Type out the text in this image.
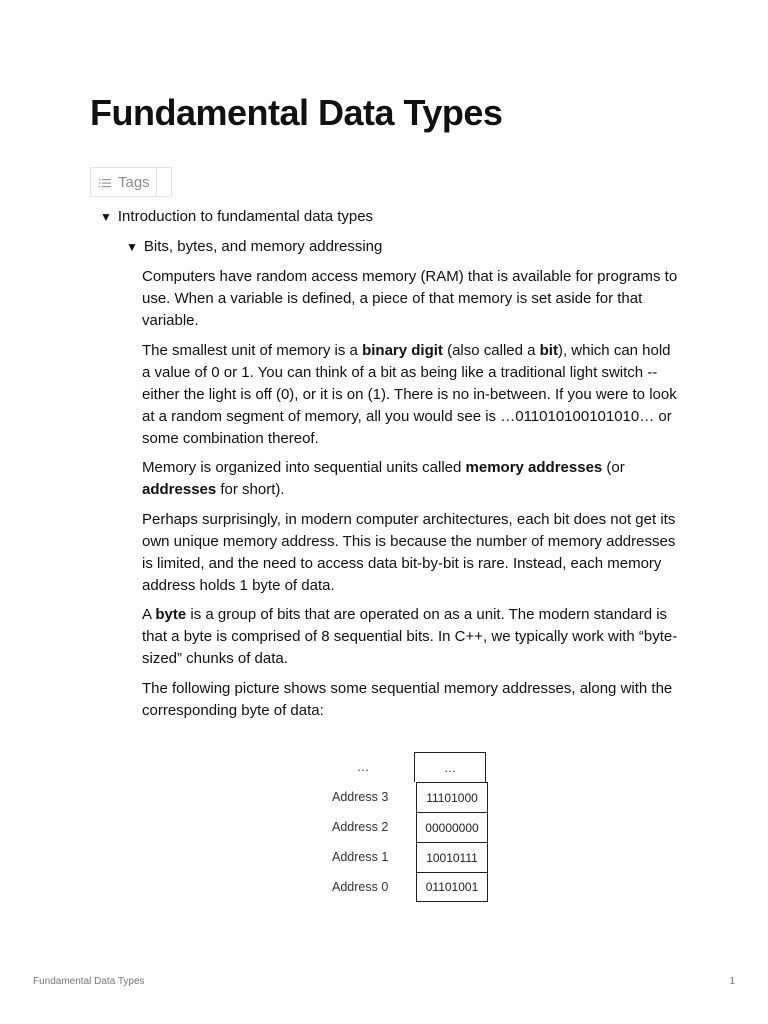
Fundamental Data Types
Tags
▼ Introduction to fundamental data types
▼ Bits, bytes, and memory addressing

Computers have random access memory (RAM) that is available for programs to use. When a variable is defined, a piece of that memory is set aside for that variable.

The smallest unit of memory is a binary digit (also called a bit), which can hold a value of 0 or 1. You can think of a bit as being like a traditional light switch -- either the light is off (0), or it is on (1). There is no in-between. If you were to look at a random segment of memory, all you would see is …011010100101010… or some combination thereof.

Memory is organized into sequential units called memory addresses (or addresses for short).

Perhaps surprisingly, in modern computer architectures, each bit does not get its own unique memory address. This is because the number of memory addresses is limited, and the need to access data bit-by-bit is rare. Instead, each memory address holds 1 byte of data.

A byte is a group of bits that are operated on as a unit. The modern standard is that a byte is comprised of 8 sequential bits. In C++, we typically work with “byte-sized” chunks of data.

The following picture shows some sequential memory addresses, along with the corresponding byte of data:

…	…
Address 3	11101000
Address 2	00000000
Address 1	10010111
Address 0	01101001
Fundamental Data Types	1
